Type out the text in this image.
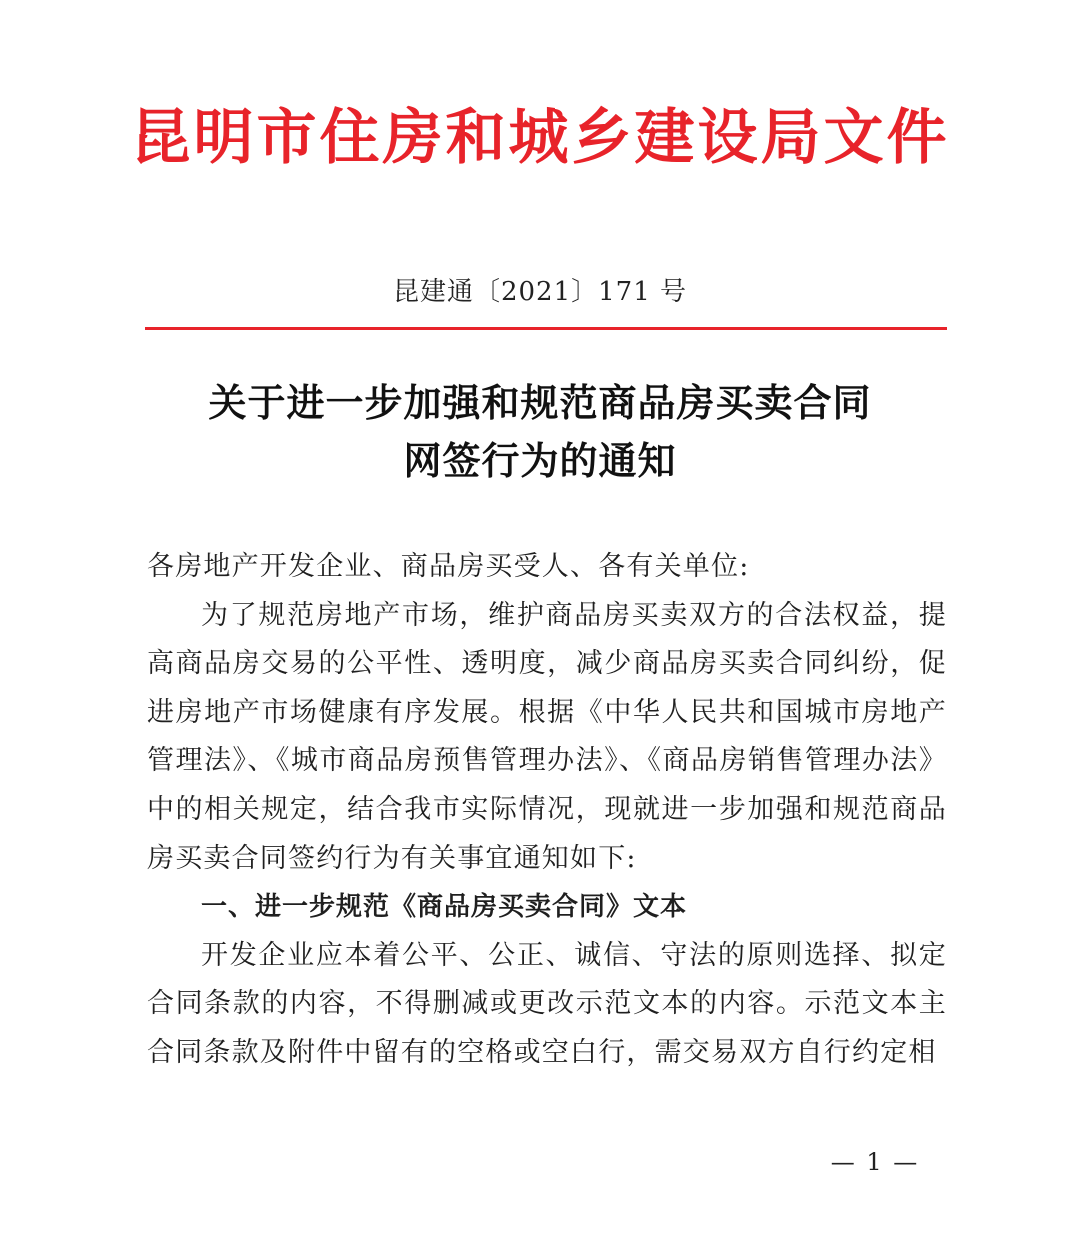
昆明市住房和城乡建设局文件
昆建通〔2021〕171 号
关于进一步加强和规范商品房买卖合同
网签行为的通知

各房地产开发企业、商品房买受人、各有关单位:

为了规范房地产市场，维护商品房买卖双方的合法权益，提高商品房交易的公平性、透明度，减少商品房买卖合同纠纷，促进房地产市场健康有序发展。根据《中华人民共和国城市房地产管理法》、《城市商品房预售管理办法》、《商品房销售管理办法》中的相关规定，结合我市实际情况，现就进一步加强和规范商品房买卖合同签约行为有关事宜通知如下:

一、进一步规范《商品房买卖合同》文本

开发企业应本着公平、公正、诚信、守法的原则选择、拟定合同条款的内容，不得删减或更改示范文本的内容。示范文本主合同条款及附件中留有的空格或空白行，需交易双方自行约定相

— 1 —
